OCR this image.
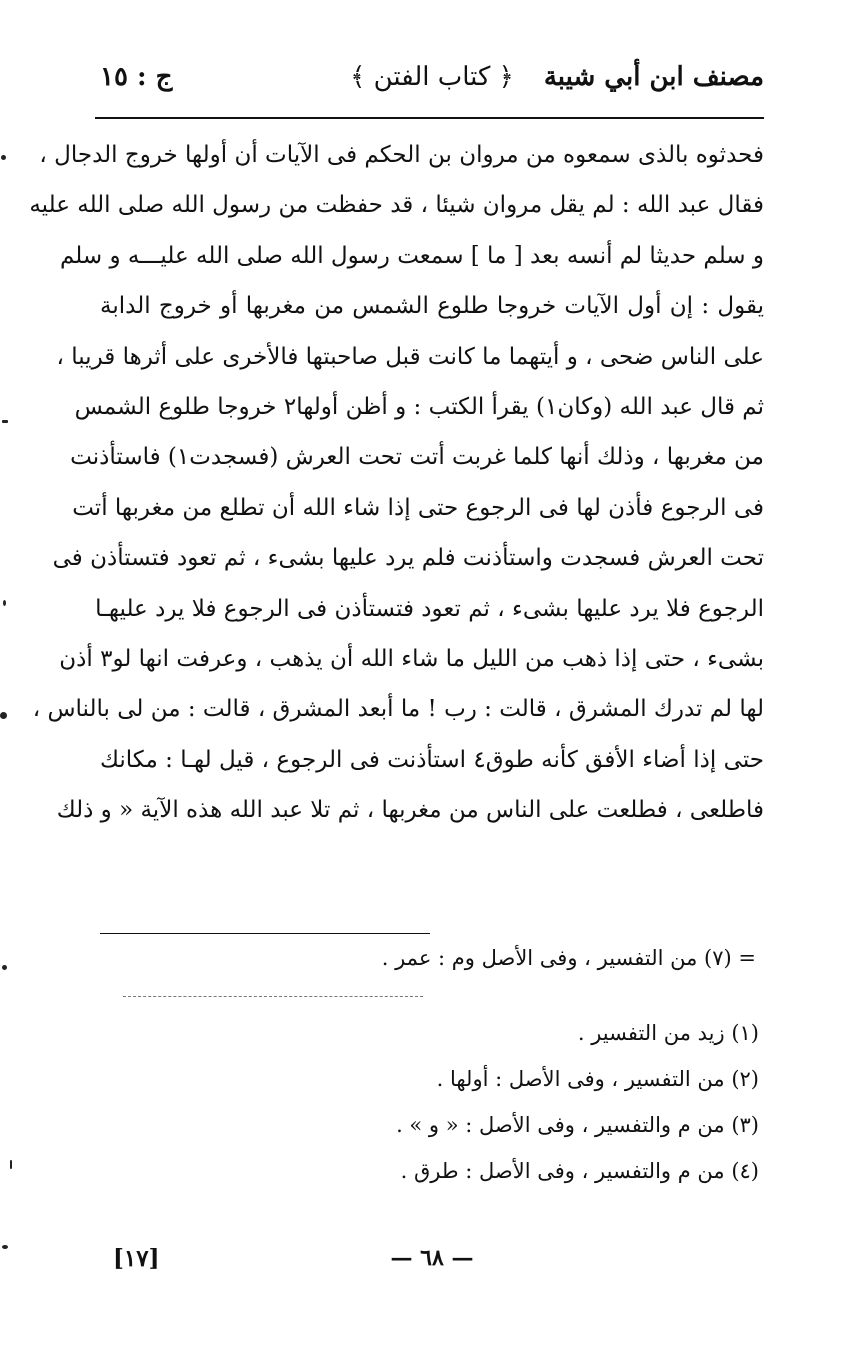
مصنف ابن أبي شيبة
﴿ كتاب الفتن ﴾
ج : ١٥
فحدثوه بالذى سمعوه من مروان بن الحكم فى الآيات أن أولها خروج الدجال ،
فقال عبد الله : لم يقل مروان شيئا ، قد حفظت من رسول الله صلى الله عليه
و سلم حديثا لم أنسه بعد [ ما ] سمعت رسول الله صلى الله عليـــه و سلم
يقول : إن أول الآيات خروجا طلوع الشمس من مغربها أو خروج الدابة
على الناس ضحى ، و أيتهما ما كانت قبل صاحبتها فالأخرى على أثرها قريبا ،
ثم قال عبد الله (وكان١) يقرأ الكتب : و أظن أولها٢ خروجا طلوع الشمس
من مغربها ، وذلك أنها كلما غربت أتت تحت العرش (فسجدت١) فاستأذنت
فى الرجوع فأذن لها فى الرجوع حتى إذا شاء الله أن تطلع من مغربها أتت
تحت العرش فسجدت واستأذنت فلم يرد عليها بشىء ، ثم تعود فتستأذن فى
الرجوع فلا يرد عليها بشىء ، ثم تعود فتستأذن فى الرجوع فلا يرد عليهـا
بشىء ، حتى إذا ذهب من الليل ما شاء الله أن يذهب ، وعرفت انها لو٣ أذن
لها لم تدرك المشرق ، قالت : رب ! ما أبعد المشرق ، قالت : من لى بالناس ،
حتى إذا أضاء الأفق كأنه طوق٤ استأذنت فى الرجوع ، قيل لهـا : مكانك
فاطلعى ، فطلعت على الناس من مغربها ، ثم تلا عبد الله هذه الآية « و ذلك
= (٧) من التفسير ، وفى الأصل وم : عمر .
(١) زيد من التفسير .
(٢) من التفسير ، وفى الأصل : أولها .
(٣) من م والتفسير ، وفى الأصل : « و » .
(٤) من م والتفسير ، وفى الأصل : طرق .
— ٦٨ —
[١٧]
